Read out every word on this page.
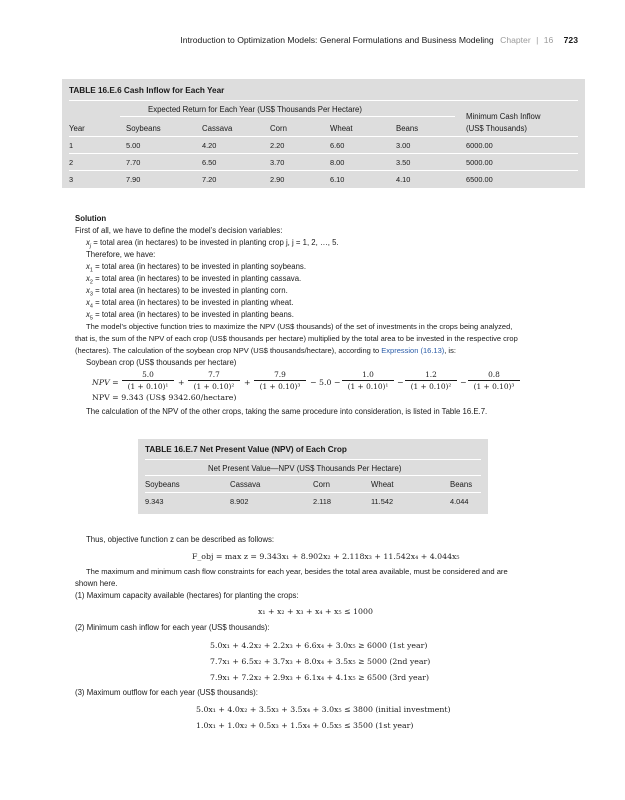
Introduction to Optimization Models: General Formulations and Business Modeling Chapter | 16 723
TABLE 16.E.6 Cash Inflow for Each Year
Expected Return for Each Year (US$ Thousands Per Hectare)
Minimum Cash Inflow
(US$ Thousands)
Year	Soybeans	Cassava	Corn	Wheat	Beans
1	5.00	4.20	2.20	6.60	3.00	6000.00
2	7.70	6.50	3.70	8.00	3.50	5000.00
3	7.90	7.20	2.90	6.10	4.10	6500.00
Solution
First of all, we have to define the model’s decision variables:
$x_j$ = total area (in hectares) to be invested in planting crop j, j = 1, 2, …, 5.
Therefore, we have:
$x_1$ = total area (in hectares) to be invested in planting soybeans.
$x_2$ = total area (in hectares) to be invested in planting cassava.
$x_3$ = total area (in hectares) to be invested in planting corn.
$x_4$ = total area (in hectares) to be invested in planting wheat.
$x_5$ = total area (in hectares) to be invested in planting beans.
The model’s objective function tries to maximize the NPV (US$ thousands) of the set of investments in the crops being analyzed,
that is, the sum of the NPV of each crop (US$ thousands per hectare) multiplied by the total area to be invested in the respective crop
(hectares). The calculation of the soybean crop NPV (US$ thousands/hectare), according to Expression (16.13), is:
Soybean crop (US$ thousands per hectare)
NPV =
5.0
(1 + 0.10)¹	+
7.7
(1 + 0.10)²	+
7.9
(1 + 0.10)³	− 5.0 −
1.0
(1 + 0.10)¹	−
1.2
(1 + 0.10)²	−
0.8
(1 + 0.10)³
NPV = 9.343 (US$ 9342.60/hectare)
The calculation of the NPV of the other crops, taking the same procedure into consideration, is listed in Table 16.E.7.
TABLE 16.E.7 Net Present Value (NPV) of Each Crop
Net Present Value—NPV (US$ Thousands Per Hectare)
Soybeans	Cassava	Corn	Wheat	Beans
9.343	8.902	2.118	11.542	4.044
Thus, objective function z can be described as follows:
F_obj = max z = 9.343x₁ + 8.902x₂ + 2.118x₃ + 11.542x₄ + 4.044x₅
The maximum and minimum cash flow constraints for each year, besides the total area available, must be considered and are
shown here.
(1) Maximum capacity available (hectares) for planting the crops:
x₁ + x₂ + x₃ + x₄ + x₅ ≤ 1000
(2) Minimum cash inflow for each year (US$ thousands):
5.0x₁ + 4.2x₂ + 2.2x₃ + 6.6x₄ + 3.0x₅ ≥ 6000 (1st year)
7.7x₁ + 6.5x₂ + 3.7x₃ + 8.0x₄ + 3.5x₅ ≥ 5000 (2nd year)
7.9x₁ + 7.2x₂ + 2.9x₃ + 6.1x₄ + 4.1x₅ ≥ 6500 (3rd year)
(3) Maximum outflow for each year (US$ thousands):
5.0x₁ + 4.0x₂ + 3.5x₃ + 3.5x₄ + 3.0x₅ ≤ 3800 (initial investment)
1.0x₁ + 1.0x₂ + 0.5x₃ + 1.5x₄ + 0.5x₅ ≤ 3500 (1st year)
